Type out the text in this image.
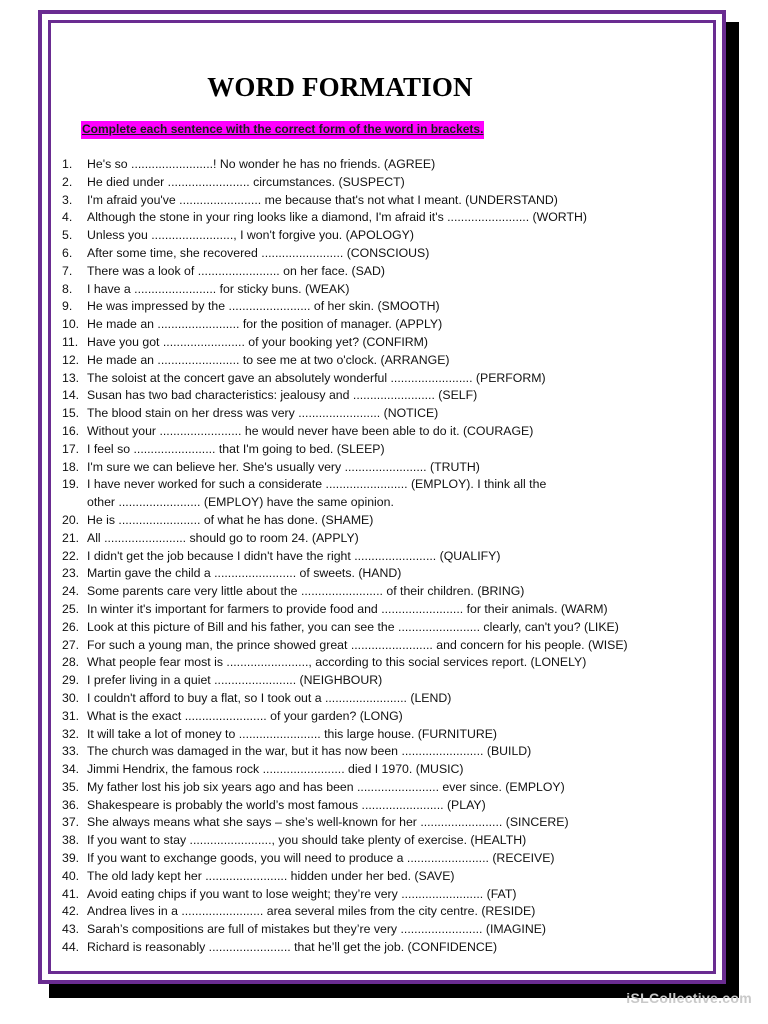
WORD FORMATION
Complete each sentence with the correct form of the word in brackets.
1.	He's so ........................! No wonder he has no friends. (AGREE)
2.	He died under ........................ circumstances. (SUSPECT)
3.	I'm afraid you've ........................ me because that's not what I meant. (UNDERSTAND)
4.	Although the stone in your ring looks like a diamond, I'm afraid it's ........................ (WORTH)
5.	Unless you ........................, I won't forgive you. (APOLOGY)
6.	After some time, she recovered ........................ (CONSCIOUS)
7.	There was a look of ........................ on her face. (SAD)
8.	I have a ........................ for sticky buns. (WEAK)
9.	He was impressed by the ........................ of her skin. (SMOOTH)
10. He made an ........................ for the position of manager. (APPLY)
11. Have you got ........................ of your booking yet? (CONFIRM)
12. He made an ........................ to see me at two o'clock. (ARRANGE)
13. The soloist at the concert gave an absolutely wonderful ........................ (PERFORM)
14. Susan has two bad characteristics: jealousy and ........................ (SELF)
15. The blood stain on her dress was very ........................ (NOTICE)
16. Without your ........................ he would never have been able to do it. (COURAGE)
17. I feel so ........................ that I'm going to bed. (SLEEP)
18. I'm sure we can believe her. She's usually very ........................ (TRUTH)
19. I have never worked for such a considerate ........................ (EMPLOY). I think all the
other ........................ (EMPLOY) have the same opinion.
20. He is ........................ of what he has done. (SHAME)
21. All ........................ should go to room 24. (APPLY)
22. I didn't get the job because I didn't have the right ........................ (QUALIFY)
23. Martin gave the child a ........................ of sweets. (HAND)
24. Some parents care very little about the ........................ of their children. (BRING)
25. In winter it's important for farmers to provide food and ........................ for their animals. (WARM)
26. Look at this picture of Bill and his father, you can see the ........................ clearly, can't you? (LIKE)
27. For such a young man, the prince showed great ........................ and concern for his people. (WISE)
28. What people fear most is ........................, according to this social services report. (LONELY)
29. I prefer living in a quiet ........................ (NEIGHBOUR)
30. I couldn't afford to buy a flat, so I took out a ........................ (LEND)
31. What is the exact ........................ of your garden? (LONG)
32. It will take a lot of money to ........................ this large house. (FURNITURE)
33. The church was damaged in the war, but it has now been ........................ (BUILD)
34. Jimmi Hendrix, the famous rock ........................ died I 1970. (MUSIC)
35. My father lost his job six years ago and has been ........................ ever since. (EMPLOY)
36. Shakespeare is probably the world’s most famous ........................ (PLAY)
37. She always means what she says – she’s well-known for her ........................ (SINCERE)
38. If you want to stay ........................, you should take plenty of exercise. (HEALTH)
39. If you want to exchange goods, you will need to produce a ........................ (RECEIVE)
40. The old lady kept her ........................ hidden under her bed. (SAVE)
41. Avoid eating chips if you want to lose weight; they’re very ........................ (FAT)
42. Andrea lives in a ........................ area several miles from the city centre. (RESIDE)
43. Sarah’s compositions are full of mistakes but they’re very ........................ (IMAGINE)
44. Richard is reasonably ........................ that he’ll get the job. (CONFIDENCE)
iSLCollective.com
